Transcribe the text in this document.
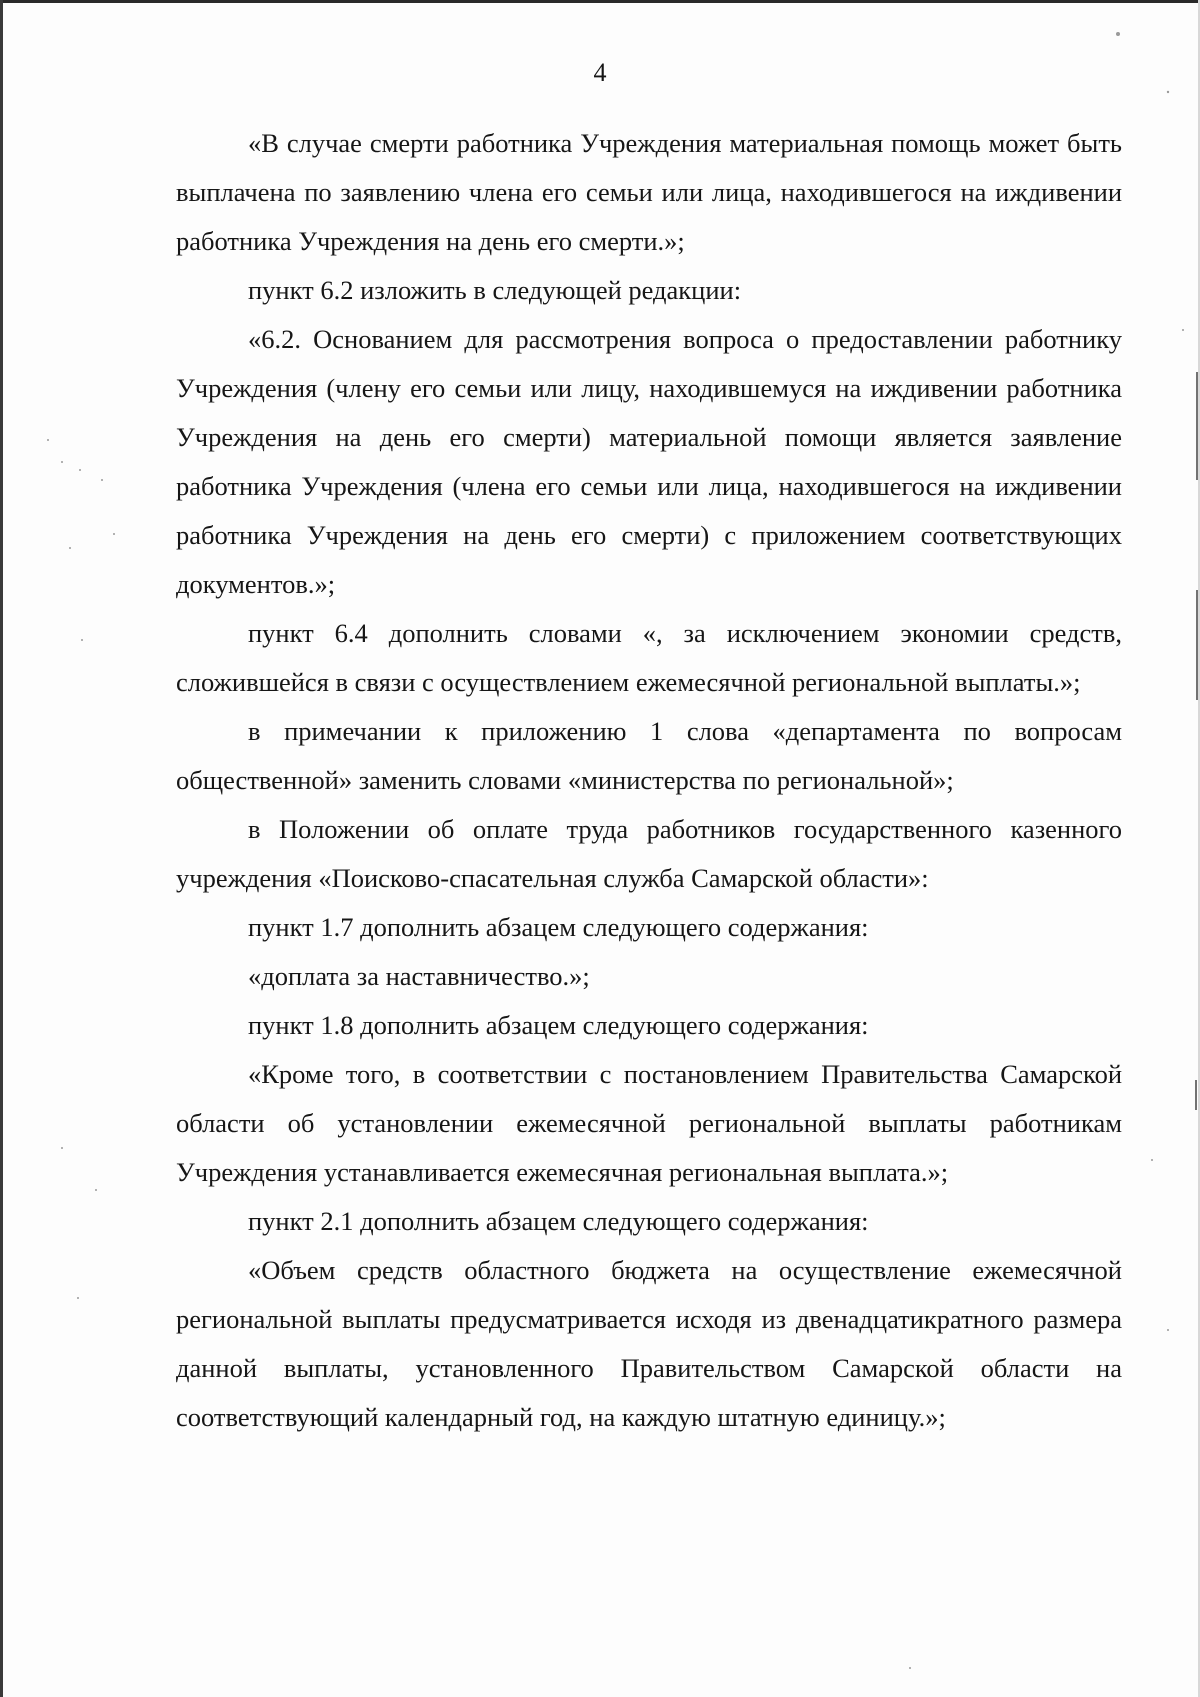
4

«В случае смерти работника Учреждения материальная помощь может быть выплачена по заявлению члена его семьи или лица, находившегося на иждивении работника Учреждения на день его смерти.»;

пункт 6.2 изложить в следующей редакции:

«6.2. Основанием для рассмотрения вопроса о предоставлении работнику Учреждения (члену его семьи или лицу, находившемуся на иждивении работника Учреждения на день его смерти) материальной помощи является заявление работника Учреждения (члена его семьи или лица, находившегося на иждивении работника Учреждения на день его смерти) с приложением соответствующих документов.»;

пункт 6.4 дополнить словами «, за исключением экономии средств, сложившейся в связи с осуществлением ежемесячной региональной выплаты.»;

в примечании к приложению 1 слова «департамента по вопросам общественной» заменить словами «министерства по региональной»;

в Положении об оплате труда работников государственного казенного учреждения «Поисково-спасательная служба Самарской области»:

пункт 1.7 дополнить абзацем следующего содержания:

«доплата за наставничество.»;

пункт 1.8 дополнить абзацем следующего содержания:

«Кроме того, в соответствии с постановлением Правительства Самарской области об установлении ежемесячной региональной выплаты работникам Учреждения устанавливается ежемесячная региональная выплата.»;

пункт 2.1 дополнить абзацем следующего содержания:

«Объем средств областного бюджета на осуществление ежемесячной региональной выплаты предусматривается исходя из двенадцатикратного размера данной выплаты, установленного Правительством Самарской области на соответствующий календарный год, на каждую штатную единицу.»;
